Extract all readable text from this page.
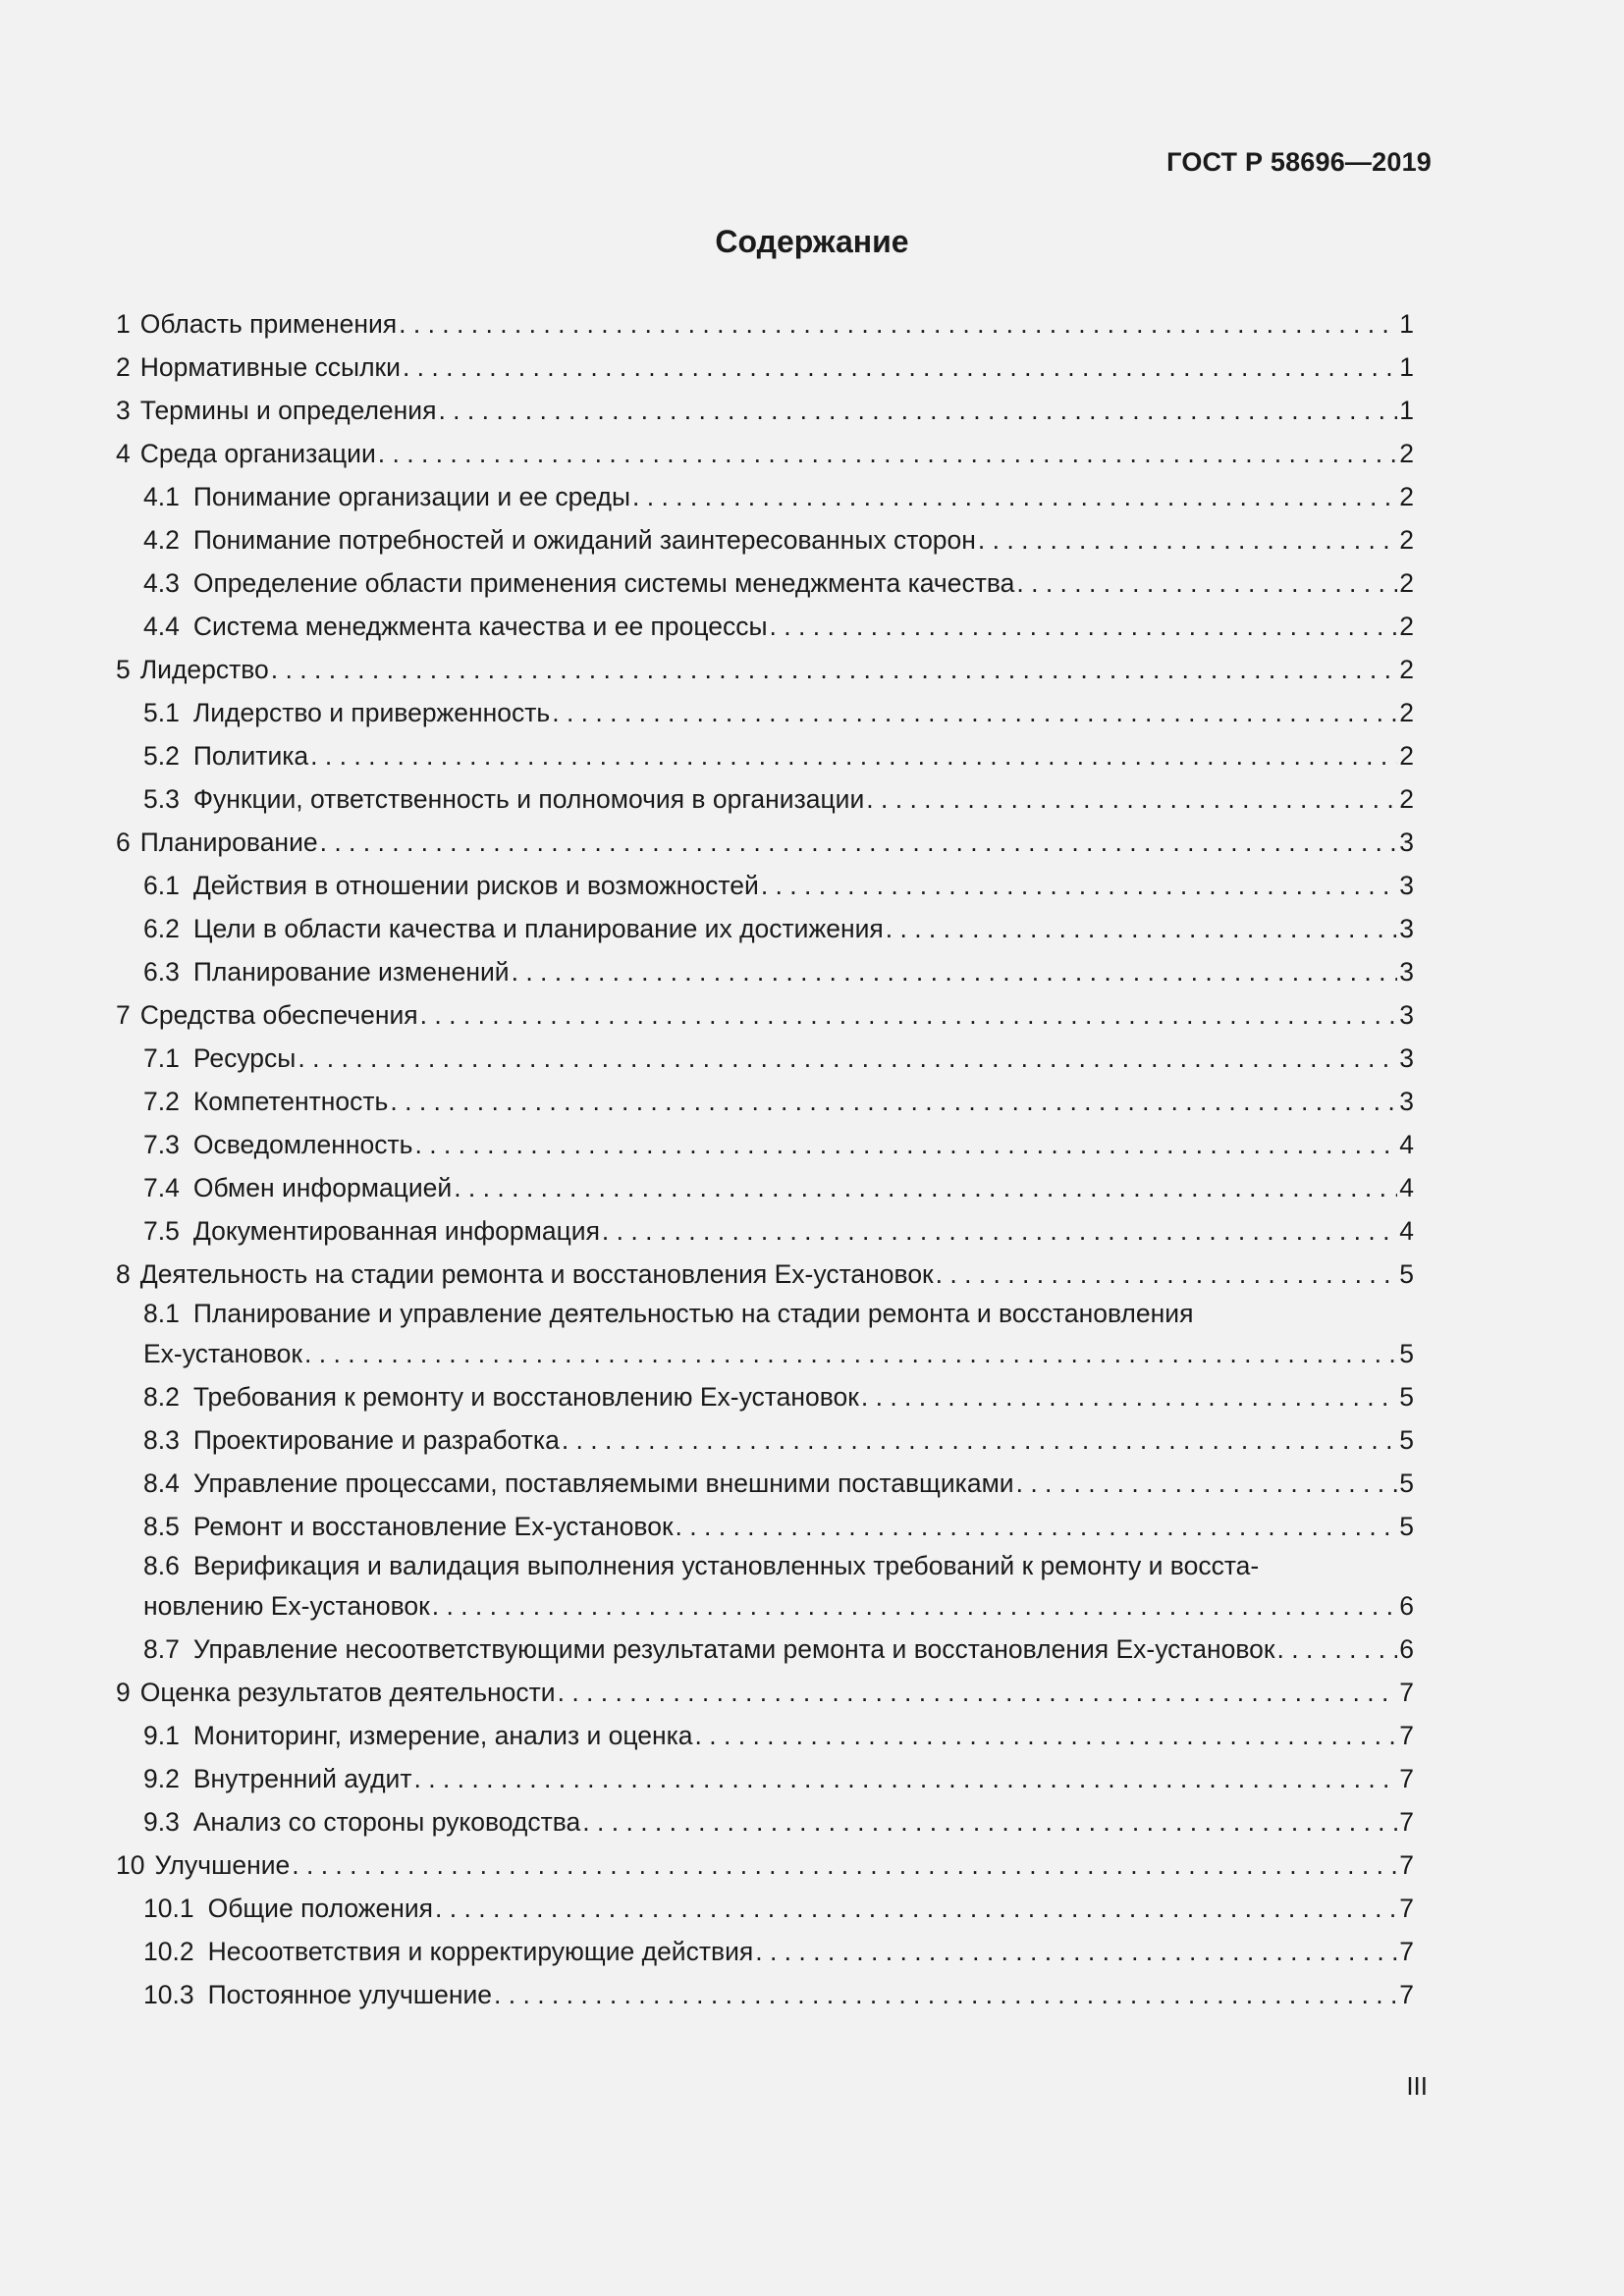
ГОСТ Р 58696—2019
Содержание
1 Область применения . . .	1
2 Нормативные ссылки . . .	1
3 Термины и определения . . .	1
4 Среда организации . . .	2
4.1 Понимание организации и ее среды . . .	2
4.2 Понимание потребностей и ожиданий заинтересованных сторон . . .	2
4.3 Определение области применения системы менеджмента качества . . .	2
4.4 Система менеджмента качества и ее процессы . . .	2
5 Лидерство . . .	2
5.1 Лидерство и приверженность . . .	2
5.2 Политика . . .	2
5.3 Функции, ответственность и полномочия в организации . . .	2
6 Планирование . . .	3
6.1 Действия в отношении рисков и возможностей . . .	3
6.2 Цели в области качества и планирование их достижения . . .	3
6.3 Планирование изменений . . .	3
7 Средства обеспечения . . .	3
7.1 Ресурсы . . .	3
7.2 Компетентность . . .	3
7.3 Осведомленность . . .	4
7.4 Обмен информацией . . .	4
7.5 Документированная информация . . .	4
8 Деятельность на стадии ремонта и восстановления Ex-установок . . .	5
8.1 Планирование и управление деятельностью на стадии ремонта и восстановления
Ex-установок . . .	5
8.2 Требования к ремонту и восстановлению Ex-установок . . .	5
8.3 Проектирование и разработка . . .	5
8.4 Управление процессами, поставляемыми внешними поставщиками . . .	5
8.5 Ремонт и восстановление Ex-установок . . .	5
8.6 Верификация и валидация выполнения установленных требований к ремонту и восста-
новлению Ex-установок . . .	6
8.7 Управление несоответствующими результатами ремонта и восстановления Ex-установок . . .	6
9 Оценка результатов деятельности . . .	7
9.1 Мониторинг, измерение, анализ и оценка . . .	7
9.2 Внутренний аудит . . .	7
9.3 Анализ со стороны руководства . . .	7
10 Улучшение . . .	7
10.1 Общие положения . . .	7
10.2 Несоответствия и корректирующие действия . . .	7
10.3 Постоянное улучшение . . .	7
III
